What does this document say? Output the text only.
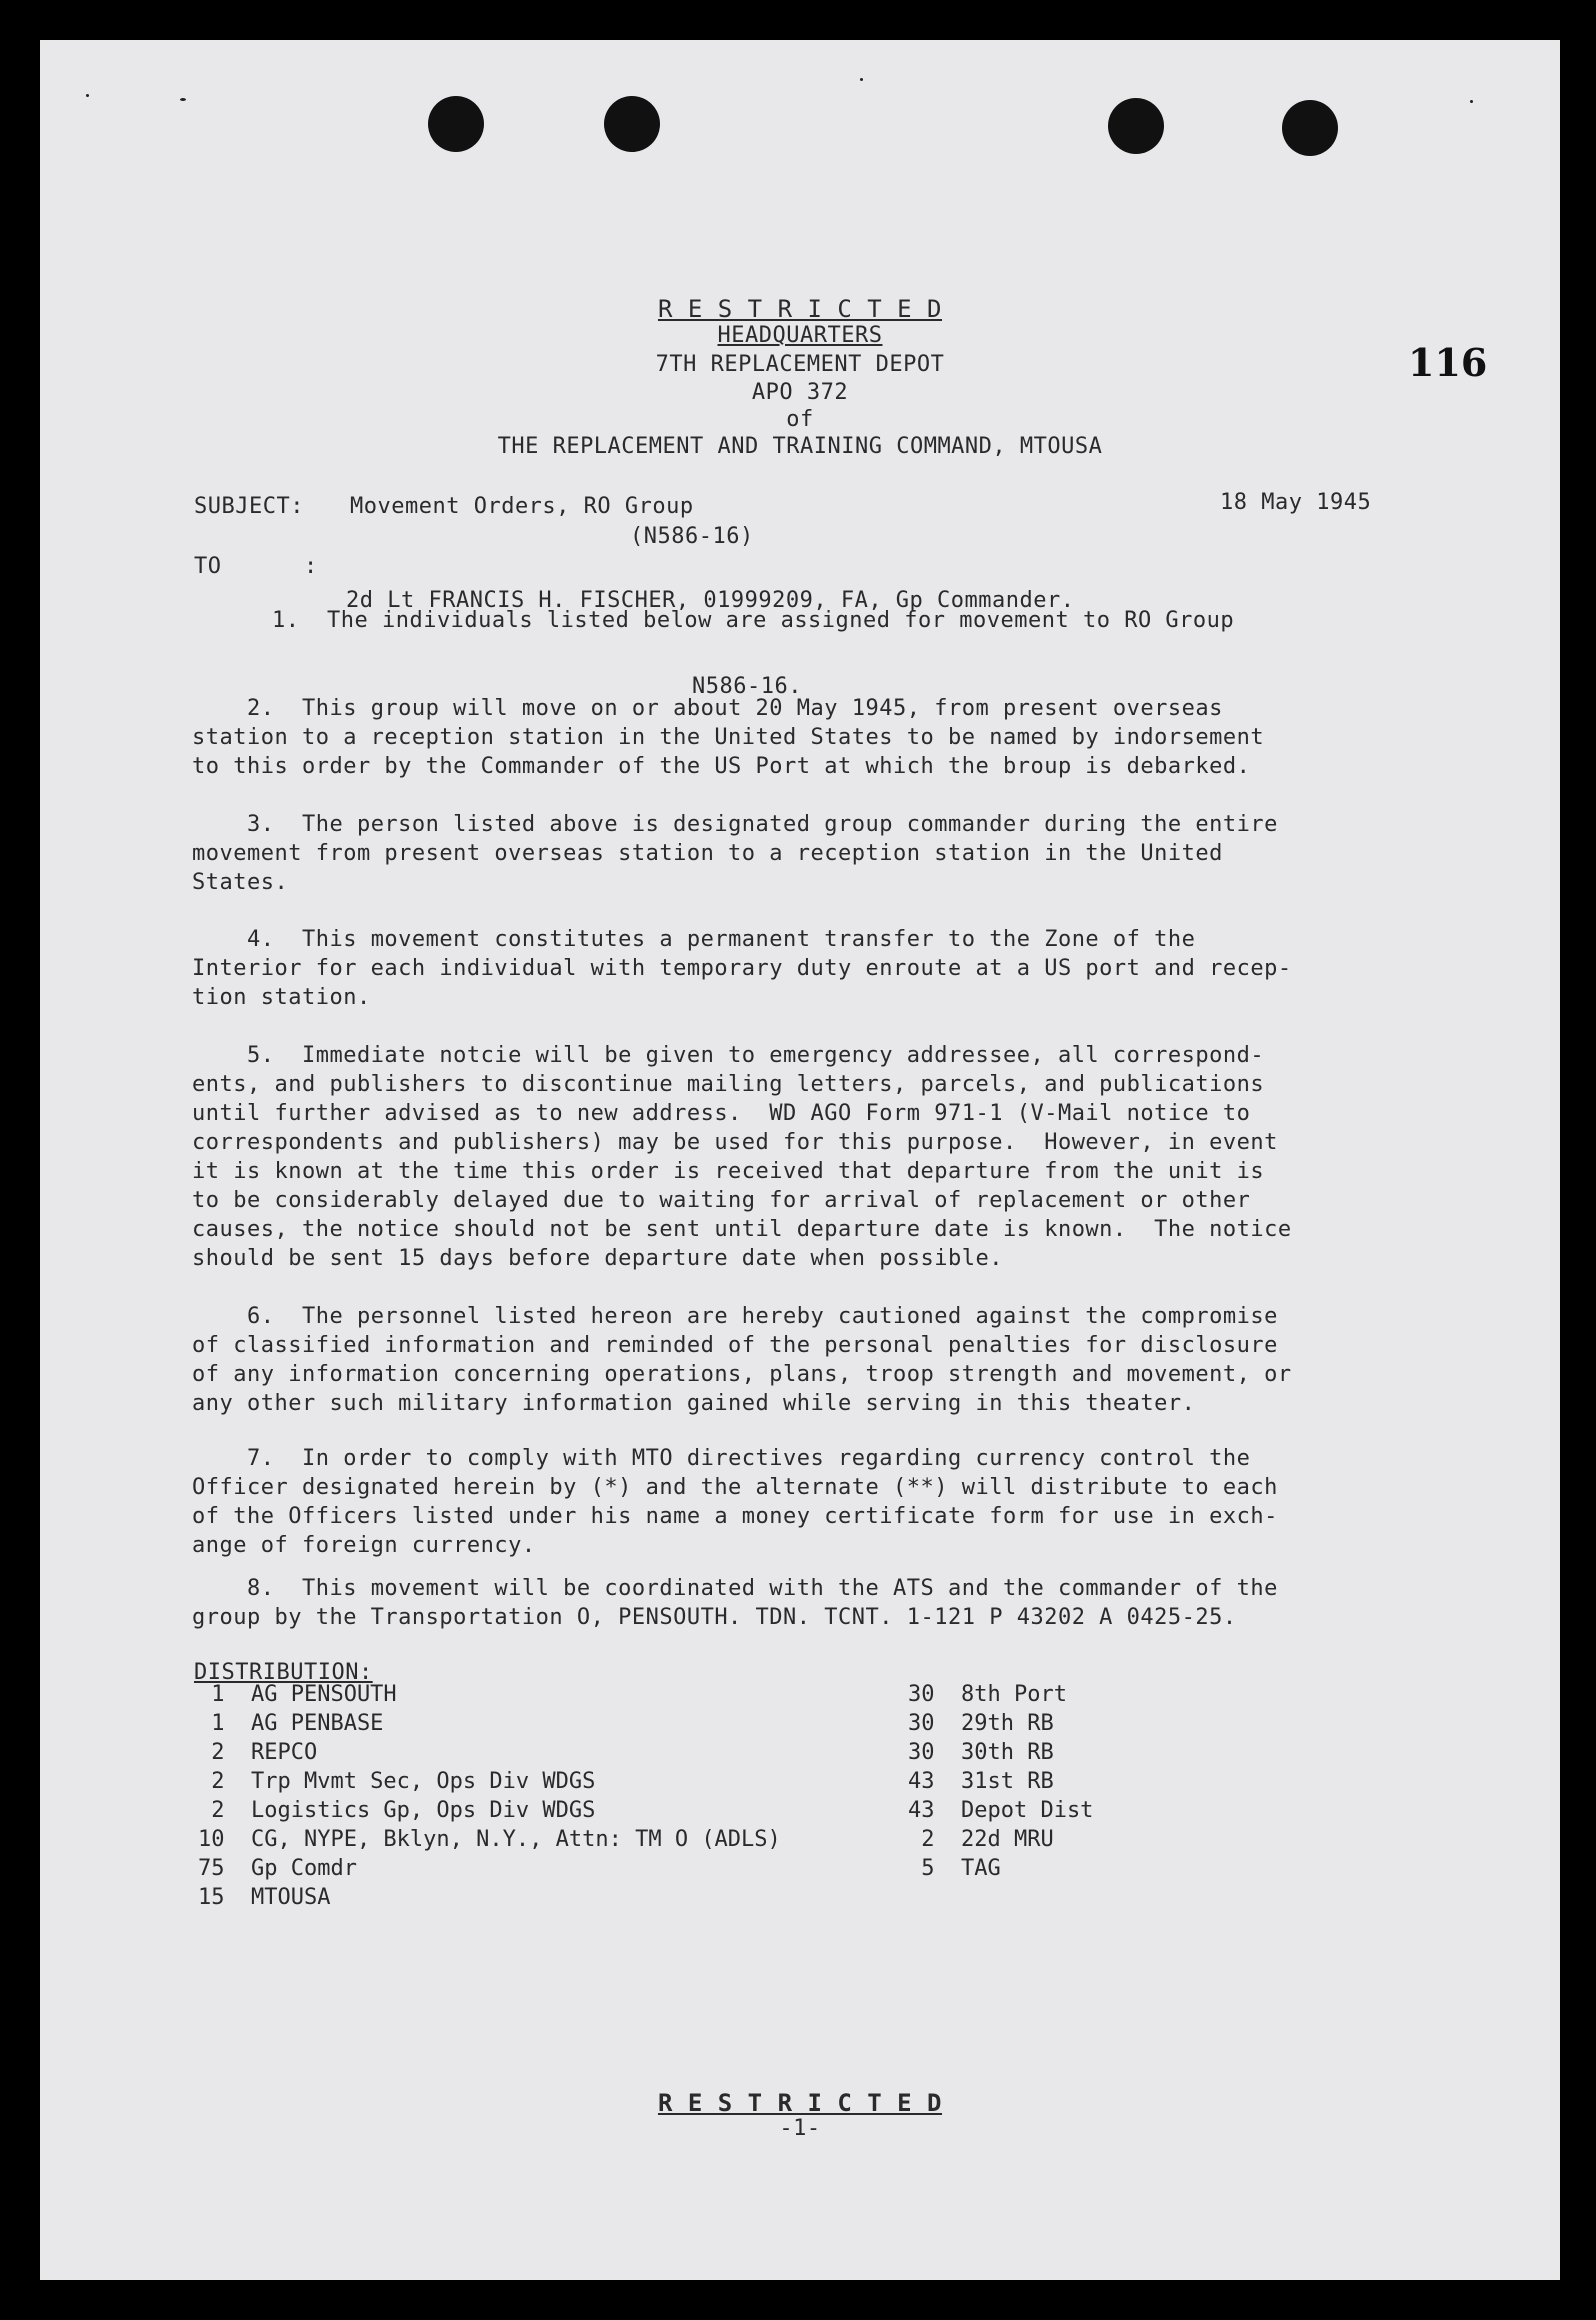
R E S T R I C T E D
HEADQUARTERS
7TH REPLACEMENT DEPOT
APO 372
of
THE REPLACEMENT AND TRAINING COMMAND, MTOUSA
116
SUBJECT: Movement Orders, RO Group	18 May 1945
(N586-16)
TO	:
2d Lt FRANCIS H. FISCHER, 01999209, FA, Gp Commander.
1.  The individuals listed below are assigned for movement to RO Group
N586-16.
2.  This group will move on or about 20 May 1945, from present overseas
station to a reception station in the United States to be named by indorsement
to this order by the Commander of the US Port at which the broup is debarked.
3.  The person listed above is designated group commander during the entire
movement from present overseas station to a reception station in the United
States.
4.  This movement constitutes a permanent transfer to the Zone of the
Interior for each individual with temporary duty enroute at a US port and recep-
tion station.
5.  Immediate notcie will be given to emergency addressee, all correspond-
ents, and publishers to discontinue mailing letters, parcels, and publications
until further advised as to new address.  WD AGO Form 971-1 (V-Mail notice to
correspondents and publishers) may be used for this purpose.  However, in event
it is known at the time this order is received that departure from the unit is
to be considerably delayed due to waiting for arrival of replacement or other
causes, the notice should not be sent until departure date is known.  The notice
should be sent 15 days before departure date when possible.
6.  The personnel listed hereon are hereby cautioned against the compromise
of classified information and reminded of the personal penalties for disclosure
of any information concerning operations, plans, troop strength and movement, or
any other such military information gained while serving in this theater.
7.  In order to comply with MTO directives regarding currency control the
Officer designated herein by (*) and the alternate (**) will distribute to each
of the Officers listed under his name a money certificate form for use in exch-
ange of foreign currency.
8.  This movement will be coordinated with the ATS and the commander of the
group by the Transportation O, PENSOUTH. TDN. TCNT. 1-121 P 43202 A 0425-25.
DISTRIBUTION:
1  AG PENSOUTH
1  AG PENBASE
2  REPCO
2  Trp Mvmt Sec, Ops Div WDGS
2  Logistics Gp, Ops Div WDGS
10  CG, NYPE, Bklyn, N.Y., Attn: TM O (ADLS)
75  Gp Comdr
15  MTOUSA
30  8th Port
30  29th RB
30  30th RB
43  31st RB
43  Depot Dist
2  22d MRU
5  TAG
R E S T R I C T E D
-1-
